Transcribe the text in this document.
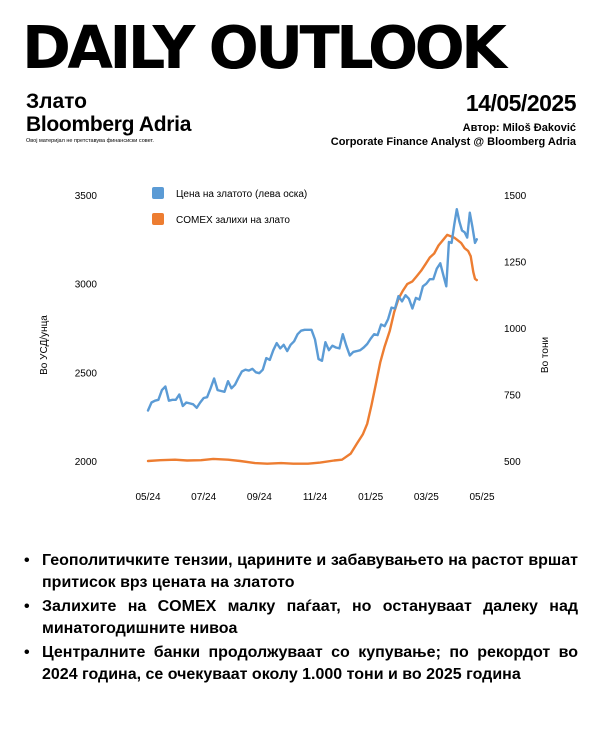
DAILY OUTLOOK
Злато
Bloomberg Adria
Овој материјал не претставува финансиски совет.
14/05/2025
Автор: Miloš Đaković
Corporate Finance Analyst @ Bloomberg Adria
Цена на златото (лева оска)
COMEX залихи на злато
2000
2500
3000
3500
500
750
1000
1250
1500
05/24	07/24	09/24	11/24	01/25	03/25	05/25
Во УСД/унца	Во тони
• Геополитичките тензии, царините и забавувањето на растот вршат притисок врз цената на златото
• Залихите на COMEX малку паѓаат, но остануваат далеку над минатогодишните нивоа
• Централните банки продолжуваат со купување; по рекордот во 2024 година, се очекуваат околу 1.000 тони и во 2025 година
